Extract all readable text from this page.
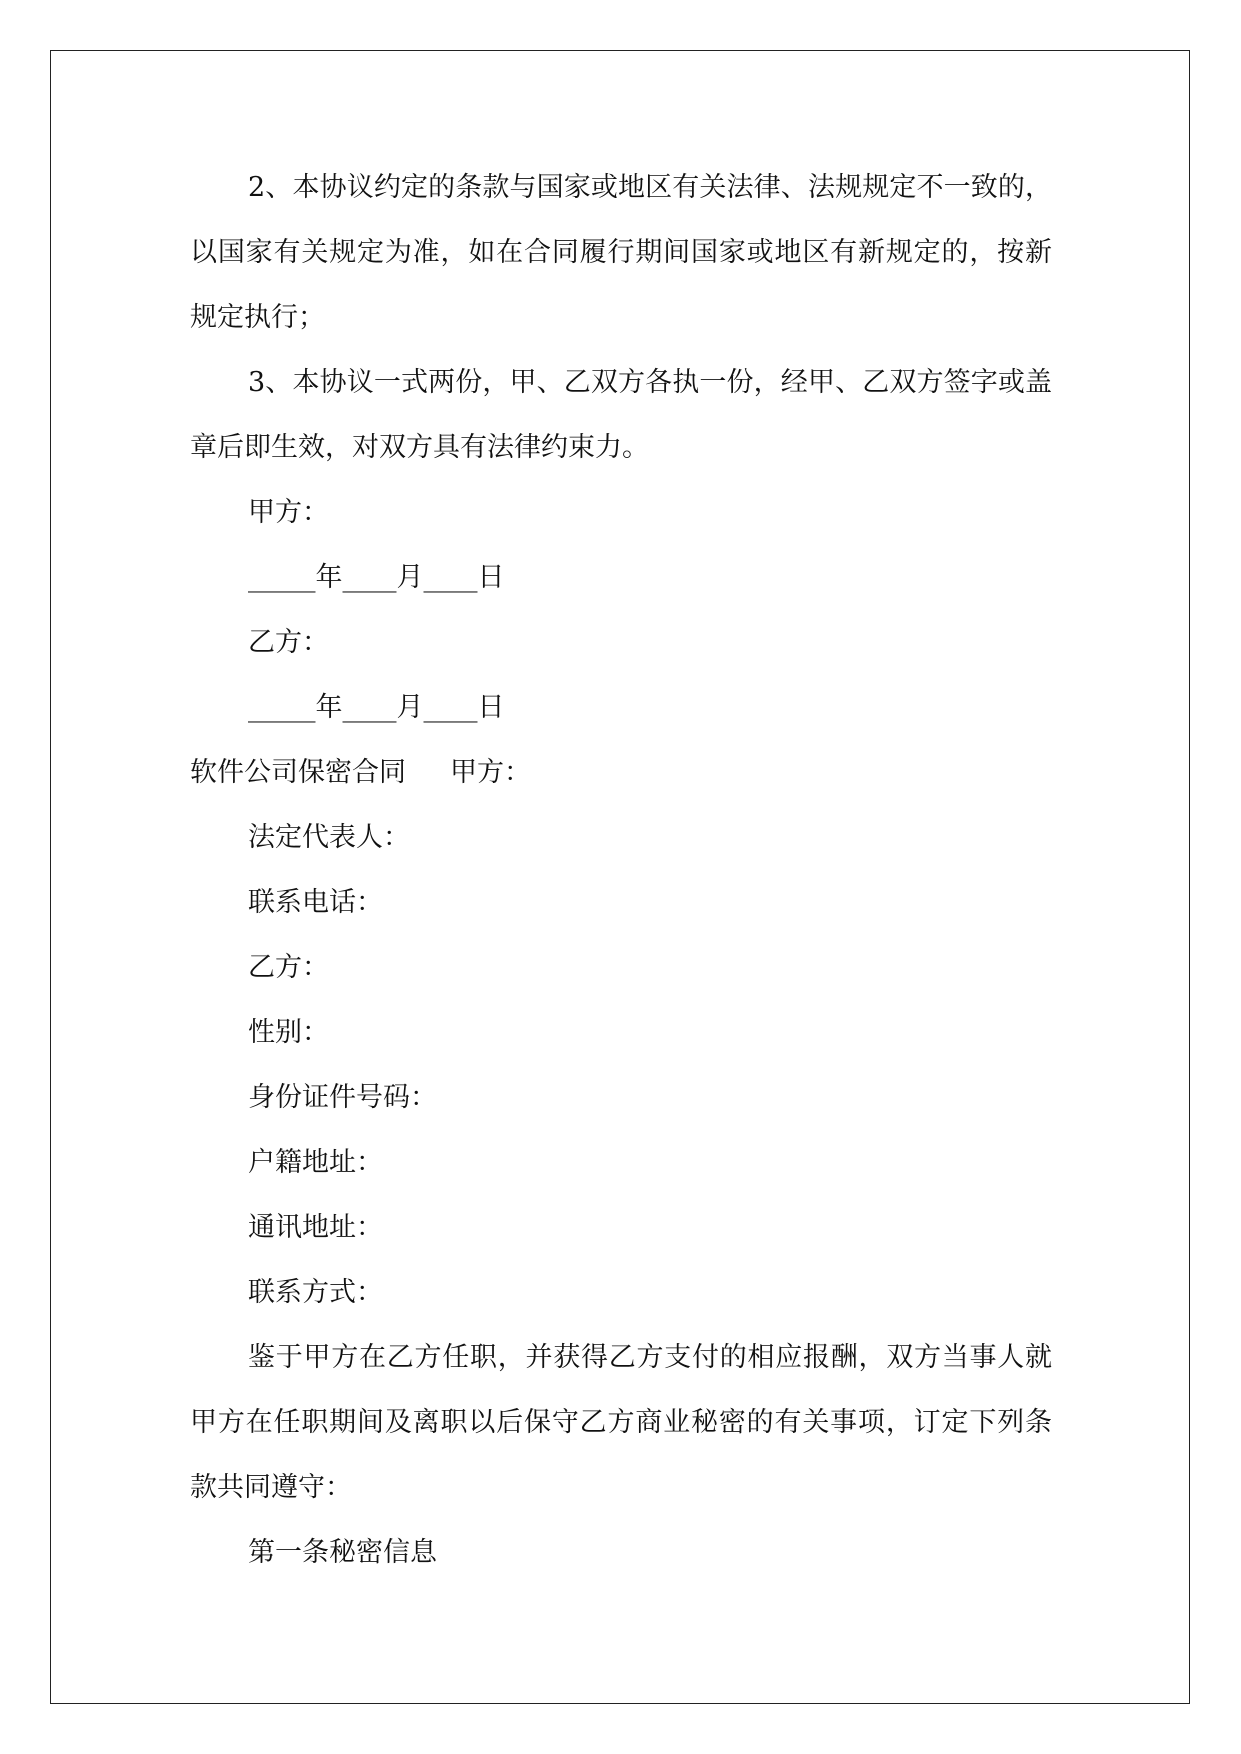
2、本协议约定的条款与国家或地区有关法律、法规规定不一致的，以国家有关规定为准，如在合同履行期间国家或地区有新规定的，按新规定执行；

3、本协议一式两份，甲、乙双方各执一份，经甲、乙双方签字或盖章后即生效，对双方具有法律约束力。

甲方：
_____年____月____日
乙方：
_____年____月____日
软件公司保密合同 甲方：
法定代表人：
联系电话：
乙方：
性别：
身份证件号码：
户籍地址：
通讯地址：
联系方式：

鉴于甲方在乙方任职，并获得乙方支付的相应报酬，双方当事人就甲方在任职期间及离职以后保守乙方商业秘密的有关事项，订定下列条款共同遵守：

第一条秘密信息
